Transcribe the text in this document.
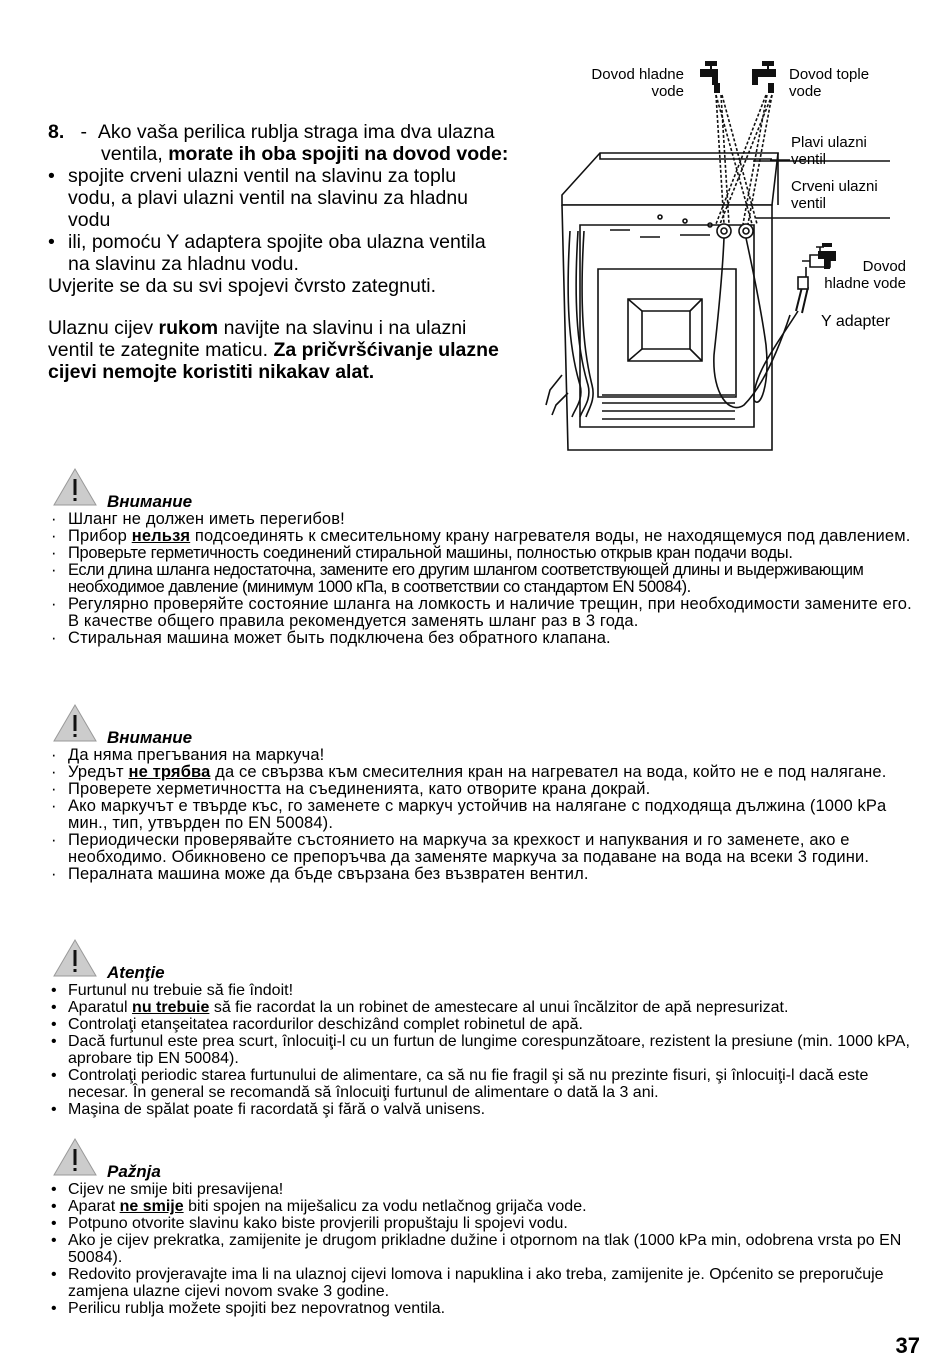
8. - Ako vaša perilica rublja straga ima dva ulazna
ventila, morate ih oba spojiti na dovod vode:
• spojite crveni ulazni ventil na slavinu za toplu
vodu, a plavi ulazni ventil na slavinu za hladnu
vodu
• ili, pomoću Y adaptera spojite oba ulazna ventila
na slavinu za hladnu vodu.
Uvjerite se da su svi spojevi čvrsto zategnuti.
Ulaznu cijev rukom navijte na slavinu i na ulazni
ventil te zategnite maticu. Za pričvršćivanje ulazne
cijevi nemojte koristiti nikakav alat.
Dovod hladne
vode
Dovod tople
vode
Plavi ulazni
ventil
Crveni ulazni
ventil
Dovod
hladne vode
Y adapter
Внимание
· Шланг не должен иметь перегибов!
· Прибор нельзя подсоединять к смесительному крану нагревателя воды, не находящемуся под давлением.
· Проверьте герметичность соединений стиральной машины, полностью открыв кран подачи воды.
· Если длина шланга недостаточна, замените его другим шлангом соответствующей длины и выдерживающим необходимое давление (минимум 1000 кПа, в соответствии со стандартом EN 50084).
· Регулярно проверяйте состояние шланга на ломкость и наличие трещин, при необходимости замените его. В качестве общего правила рекомендуется заменять шланг раз в 3 года.
· Стиральная машина может быть подключена без обратного клапана.
Внимание
· Да няма прегъвания на маркуча!
· Уредът не трябва да се свързва към смесителния кран на нагревател на вода, който не е под налягане.
· Проверете херметичността на съединенията, като отворите крана докрай.
· Ако маркучът е твърде къс, го заменете с маркуч устойчив на налягане с подходяща дължина (1000 kPa мин., тип, утвърден по EN 50084).
· Периодически проверявайте състоянието на маркуча за крехкост и напуквания и го заменете, ако е необходимо. Обикновено се препоръчва да заменяте маркуча за подаване на вода на всеки 3 години.
· Пералната машина може да бъде свързана без възвратен вентил.
Atenţie
• Furtunul nu trebuie să fie îndoit!
• Aparatul nu trebuie să fie racordat la un robinet de amestecare al unui încălzitor de apă nepresurizat.
• Controlaţi etanşeitatea racordurilor deschizând complet robinetul de apă.
• Dacă furtunul este prea scurt, înlocuiţi-l cu un furtun de lungime corespunzătoare, rezistent la presiune (min. 1000 kPA, aprobare tip EN 50084).
• Controlaţi periodic starea furtunului de alimentare, ca să nu fie fragil şi să nu prezinte fisuri, şi înlocuiţi-l dacă este necesar. În general se recomandă să înlocuiţi furtunul de alimentare o dată la 3 ani.
• Maşina de spălat poate fi racordată şi fără o valvă unisens.
Pažnja
• Cijev ne smije biti presavijena!
• Aparat ne smije biti spojen na miješalicu za vodu netlačnog grijača vode.
• Potpuno otvorite slavinu kako biste provjerili propuštaju li spojevi vodu.
• Ako je cijev prekratka, zamijenite je drugom prikladne dužine i otpornom na tlak (1000 kPa min, odobrena vrsta po EN 50084).
• Redovito provjeravajte ima li na ulaznoj cijevi lomova i napuklina i ako treba, zamijenite je. Općenito se preporučuje zamjena ulazne cijevi novom svake 3 godine.
• Perilicu rublja možete spojiti bez nepovratnog ventila.
37
